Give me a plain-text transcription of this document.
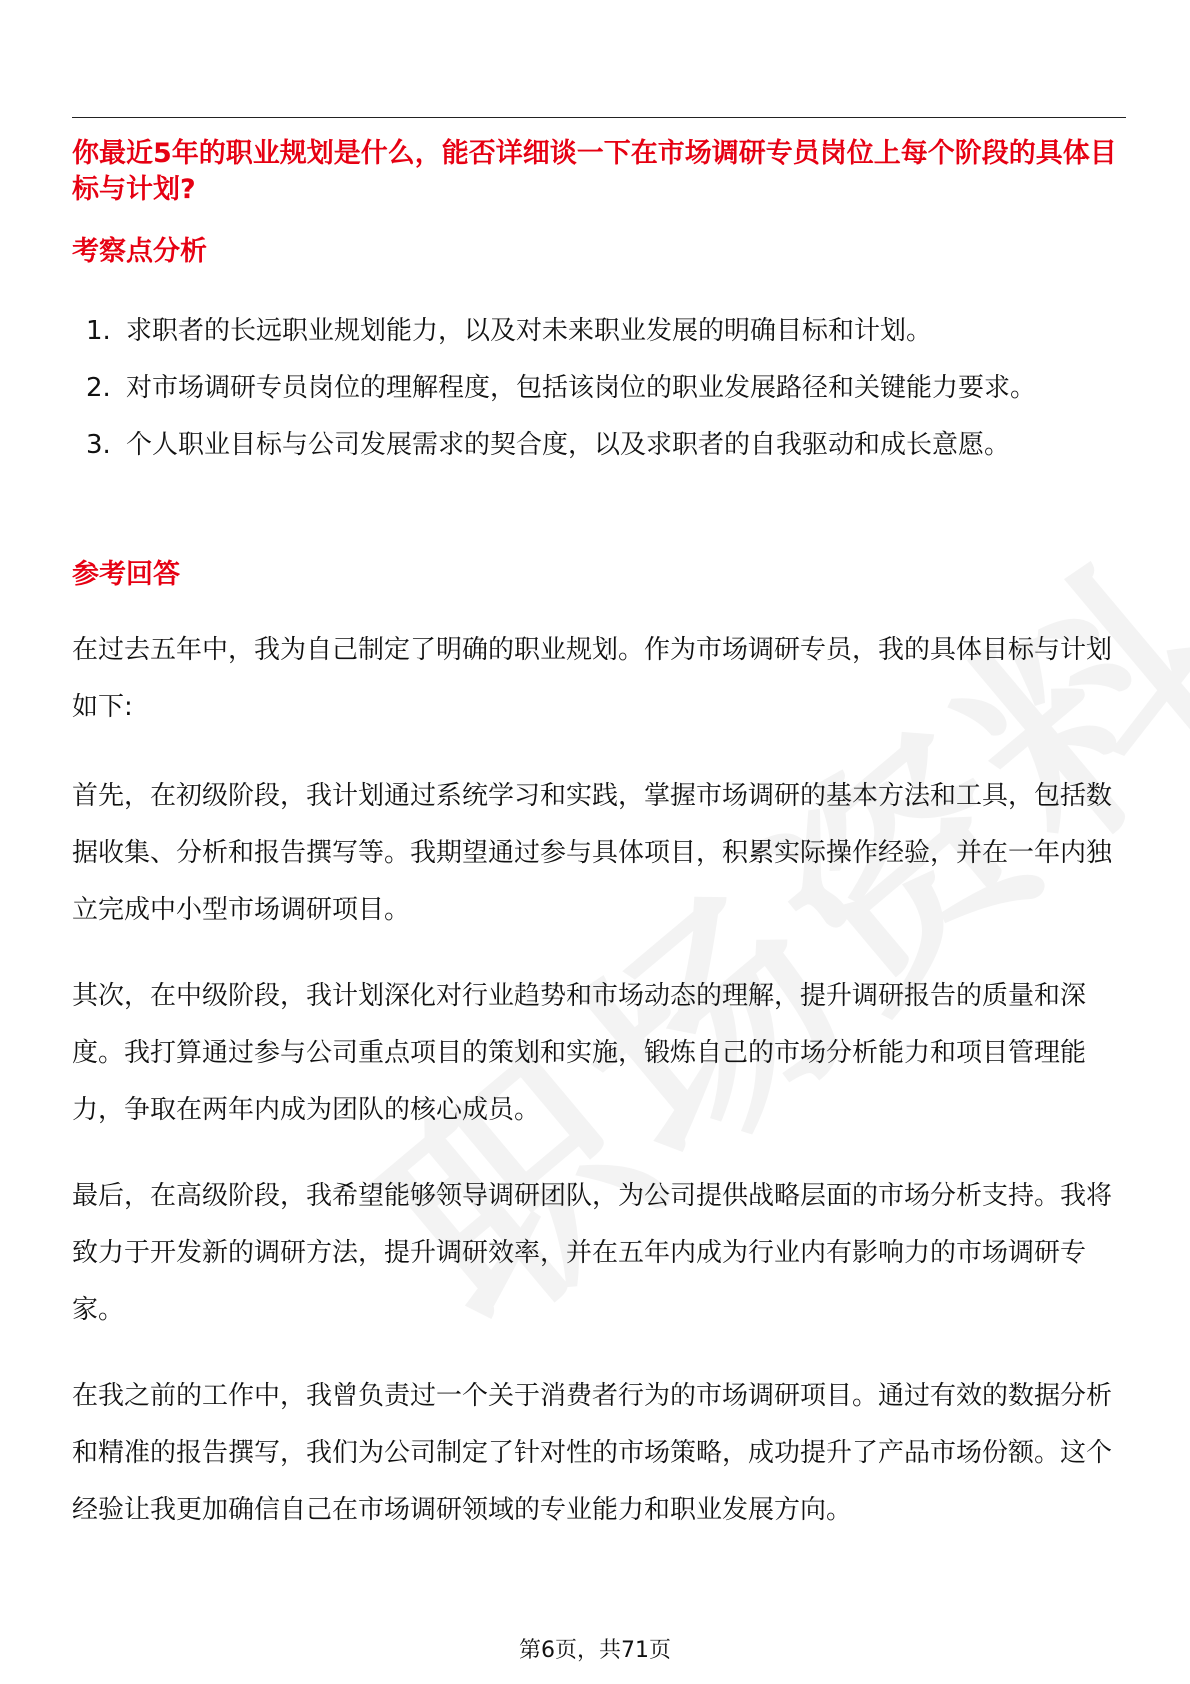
你最近5年的职业规划是什么，能否详细谈一下在市场调研专员岗位上每个阶段的具体目标与计划?
考察点分析
1. 求职者的长远职业规划能力，以及对未来职业发展的明确目标和计划。
2. 对市场调研专员岗位的理解程度，包括该岗位的职业发展路径和关键能力要求。
3. 个人职业目标与公司发展需求的契合度，以及求职者的自我驱动和成长意愿。
参考回答

在过去五年中，我为自己制定了明确的职业规划。作为市场调研专员，我的具体目标与计划如下:

首先，在初级阶段，我计划通过系统学习和实践，掌握市场调研的基本方法和工具，包括数据收集、分析和报告撰写等。我期望通过参与具体项目，积累实际操作经验，并在一年内独立完成中小型市场调研项目。

其次，在中级阶段，我计划深化对行业趋势和市场动态的理解，提升调研报告的质量和深度。我打算通过参与公司重点项目的策划和实施，锻炼自己的市场分析能力和项目管理能力，争取在两年内成为团队的核心成员。

最后，在高级阶段，我希望能够领导调研团队，为公司提供战略层面的市场分析支持。我将致力于开发新的调研方法，提升调研效率，并在五年内成为行业内有影响力的市场调研专家。

在我之前的工作中，我曾负责过一个关于消费者行为的市场调研项目。通过有效的数据分析和精准的报告撰写，我们为公司制定了针对性的市场策略，成功提升了产品市场份额。这个经验让我更加确信自己在市场调研领域的专业能力和职业发展方向。

第6页，共71页
